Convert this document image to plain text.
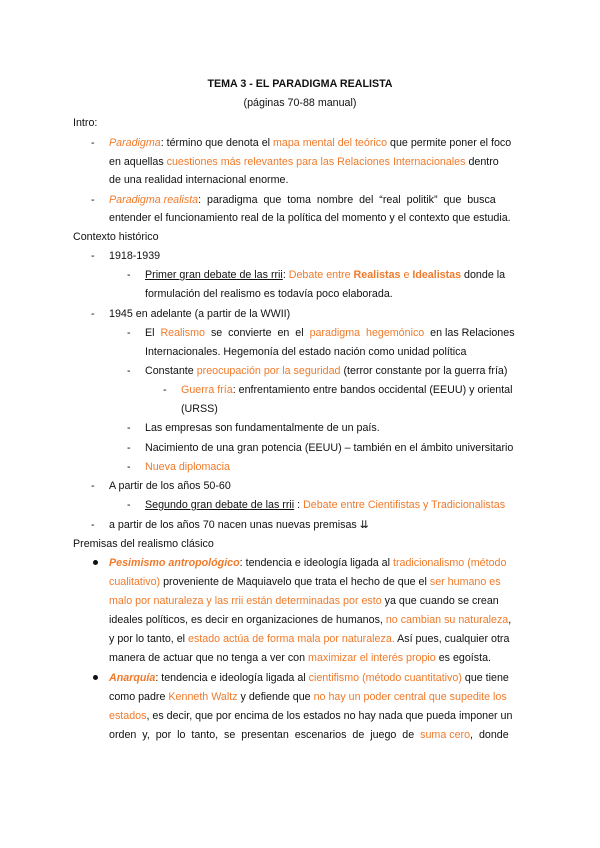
TEMA 3 - EL PARADIGMA REALISTA
(páginas 70-88 manual)
Intro:
- Paradigma: término que denota el mapa mental del teórico que permite poner el foco
en aquellas cuestiones más relevantes para las Relaciones Internacionales dentro
de una realidad internacional enorme.
- Paradigma realista:  paradigma  que  toma  nombre  del  “real  politik”  que  busca
entender el funcionamiento real de la política del momento y el contexto que estudia.
Contexto histórico
- 1918-1939
- Primer gran debate de las rrii: Debate entre Realistas e Idealistas donde la
formulación del realismo es todavía poco elaborada.
- 1945 en adelante (a partir de la WWII)
- El  Realismo  se  convierte  en  el  paradigma  hegemónico  en las Relaciones
Internacionales. Hegemonía del estado nación como unidad política
- Constante preocupación por la seguridad (terror constante por la guerra fría)
- Guerra fría: enfrentamiento entre bandos occidental (EEUU) y oriental
(URSS)
- Las empresas son fundamentalmente de un país.
- Nacimiento de una gran potencia (EEUU) – también en el ámbito universitario
- Nueva diplomacia
- A partir de los años 50-60
- Segundo gran debate de las rrii : Debate entre Cientifistas y Tradicionalistas
- a partir de los años 70 nacen unas nuevas premisas ⇊
Premisas del realismo clásico
Pesimismo antropológico: tendencia e ideología ligada al tradicionalismo (método
cualitativo) proveniente de Maquiavelo que trata el hecho de que el ser humano es
malo por naturaleza y las rrii están determinadas por esto ya que cuando se crean
ideales políticos, es decir en organizaciones de humanos, no cambian su naturaleza,
y por lo tanto, el estado actúa de forma mala por naturaleza. Así pues, cualquier otra
manera de actuar que no tenga a ver con maximizar el interés propio es egoísta.
Anarquía: tendencia e ideología ligada al cientifismo (método cuantitativo) que tiene
como padre Kenneth Waltz y defiende que no hay un poder central que supedite los
estados, es decir, que por encima de los estados no hay nada que pueda imponer un
orden  y,  por  lo  tanto,  se  presentan  escenarios  de  juego  de  suma cero,  donde
